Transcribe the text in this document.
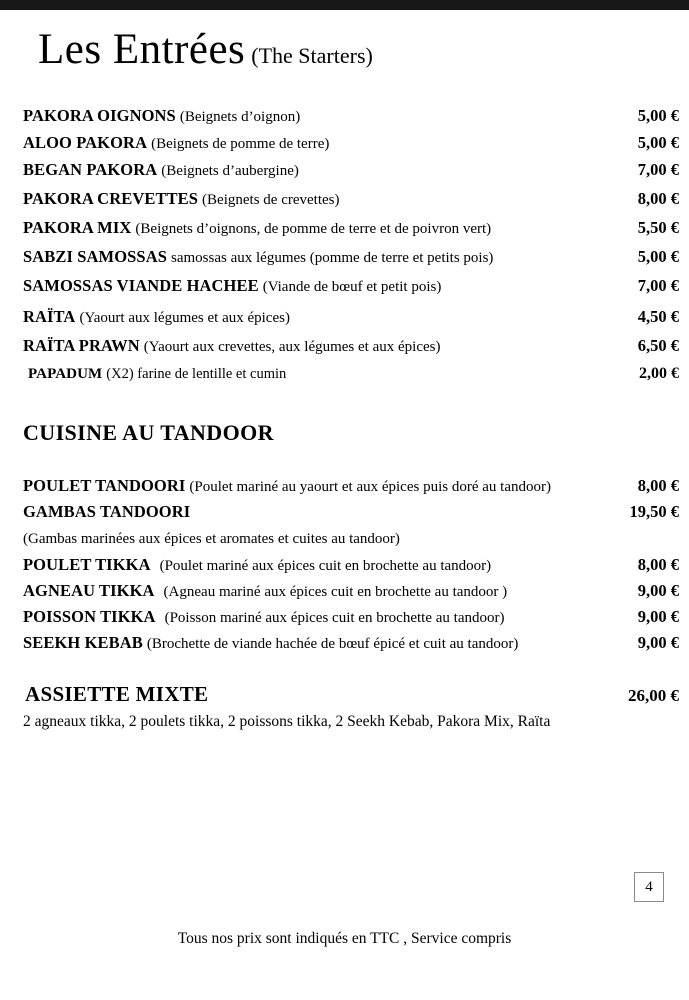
Les Entrées (The Starters)
PAKORA OIGNONS (Beignets d’oignon)	5,00 €
ALOO PAKORA (Beignets de pomme de terre)	5,00 €
BEGAN PAKORA (Beignets d’aubergine)	7,00 €
PAKORA CREVETTES (Beignets de crevettes)	8,00 €
PAKORA MIX (Beignets d’oignons, de pomme de terre et de poivron vert)	5,50 €
SABZI SAMOSSAS samossas aux légumes (pomme de terre et petits pois)	5,00 €
SAMOSSAS VIANDE HACHEE (Viande de bœuf et petit pois)	7,00 €
RAÏTA (Yaourt aux légumes et aux épices)	4,50 €
RAÏTA PRAWN (Yaourt aux crevettes, aux légumes et aux épices)	6,50 €
PAPADUM (X2) farine de lentille et cumin	2,00 €
CUISINE AU TANDOOR
POULET TANDOORI (Poulet mariné au yaourt et aux épices puis doré au tandoor)	8,00 €
GAMBAS TANDOORI	19,50 €
(Gambas marinées aux épices et aromates et cuites au tandoor)
POULET TIKKA (Poulet mariné aux épices cuit en brochette au tandoor)	8,00 €
AGNEAU TIKKA (Agneau mariné aux épices cuit en brochette au tandoor )	9,00 €
POISSON TIKKA (Poisson mariné aux épices cuit en brochette au tandoor)	9,00 €
SEEKH KEBAB (Brochette de viande hachée de bœuf épicé et cuit au tandoor)	9,00 €
ASSIETTE MIXTE	26,00 €
2 agneaux tikka, 2 poulets tikka, 2 poissons tikka, 2 Seekh Kebab, Pakora Mix, Raïta
4
Tous nos prix sont indiqués en TTC , Service compris
